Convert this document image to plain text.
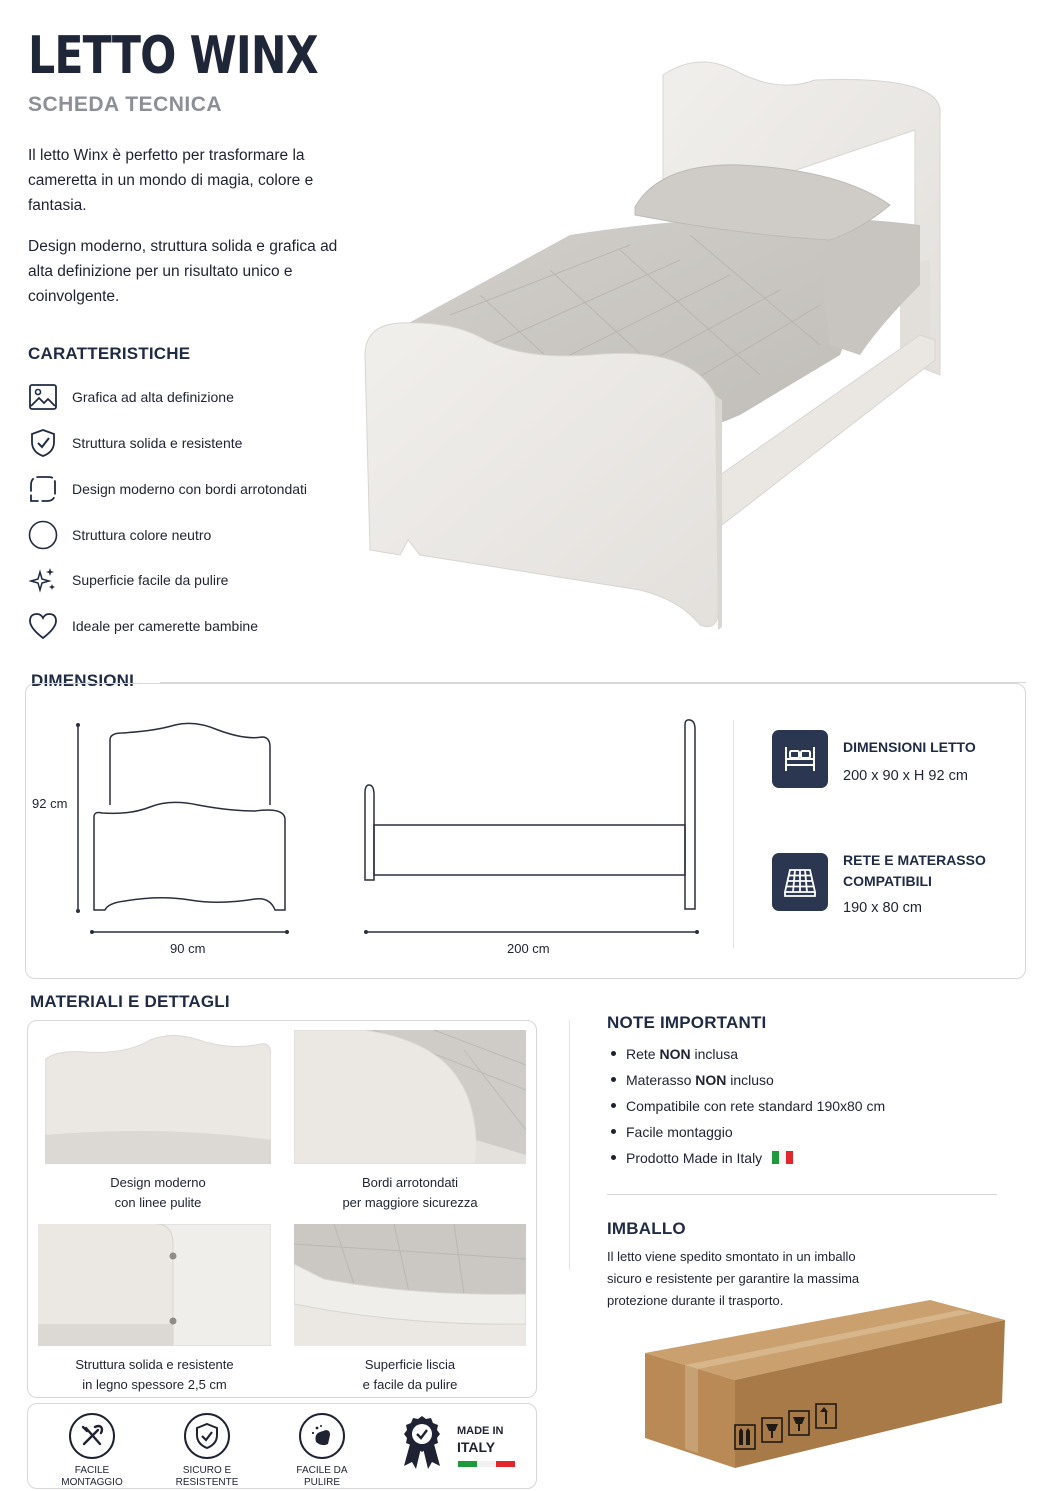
LETTO WINX
SCHEDA TECNICA

Il letto Winx è perfetto per trasformare la cameretta in un mondo di magia, colore e fantasia.

Design moderno, struttura solida e grafica ad alta definizione per un risultato unico e coinvolgente.

CARATTERISTICHE
Grafica ad alta definizione
Struttura solida e resistente
Design moderno con bordi arrotondati
Struttura colore neutro
Superficie facile da pulire
Ideale per camerette bambine
DIMENSIONI
92 cm
90 cm	200 cm
DIMENSIONI LETTO
200 x 90 x H 92 cm
RETE E MATERASSO
COMPATIBILI
190 x 80 cm
MATERIALI E DETTAGLI
Design moderno
con linee pulite
Bordi arrotondati
per maggiore sicurezza
Struttura solida e resistente
in legno spessore 2,5 cm
Superficie liscia
e facile da pulire
FACILE
MONTAGGIO
SICURO E
RESISTENTE
FACILE DA
PULIRE
MADE IN
ITALY
NOTE IMPORTANTI
Rete NON inclusa
Materasso NON incluso
Compatibile con rete standard 190x80 cm
Facile montaggio
Prodotto Made in Italy
IMBALLO

Il letto viene spedito smontato in un imballo sicuro e resistente per garantire la massima protezione durante il trasporto.
